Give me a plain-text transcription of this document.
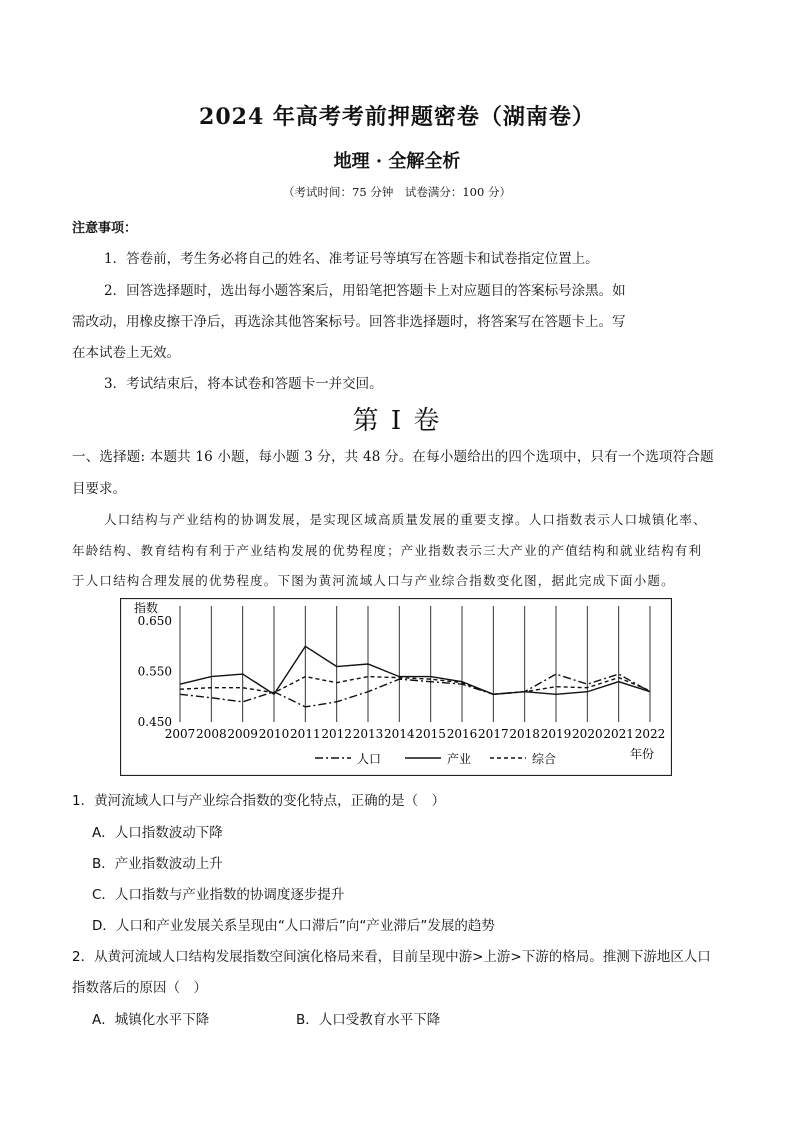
2024 年高考考前押题密卷（湖南卷）
地理 · 全解全析
（考试时间：75 分钟　试卷满分：100 分）
注意事项：
1．答卷前，考生务必将自己的姓名、准考证号等填写在答题卡和试卷指定位置上。
2．回答选择题时，选出每小题答案后，用铅笔把答题卡上对应题目的答案标号涂黑。如
需改动，用橡皮擦干净后，再选涂其他答案标号。回答非选择题时，将答案写在答题卡上。写
在本试卷上无效。
3．考试结束后，将本试卷和答题卡一并交回。
第 I 卷
一、选择题: 本题共 16 小题，每小题 3 分，共 48 分。在每小题给出的四个选项中，只有一个选项符合题
目要求。
人口结构与产业结构的协调发展，是实现区域高质量发展的重要支撑。人口指数表示人口城镇化率、
年龄结构、教育结构有利于产业结构发展的优势程度；产业指数表示三大产业的产值结构和就业结构有利
于人口结构合理发展的优势程度。下图为黄河流域人口与产业综合指数变化图，据此完成下面小题。
指数
0.650
0.550
0.450
2007 2008 2009 2010 2011 2012 2013 2014 2015 2016 2017 2018 2019 2020 2021 2022
年份
人口	产业	综合
1．黄河流域人口与产业综合指数的变化特点，正确的是（　）
A．人口指数波动下降
B．产业指数波动上升
C．人口指数与产业指数的协调度逐步提升
D．人口和产业发展关系呈现由“人口滞后”向“产业滞后”发展的趋势
2．从黄河流域人口结构发展指数空间演化格局来看，目前呈现中游>上游>下游的格局。推测下游地区人口
指数落后的原因（　）
A．城镇化水平下降	B．人口受教育水平下降
